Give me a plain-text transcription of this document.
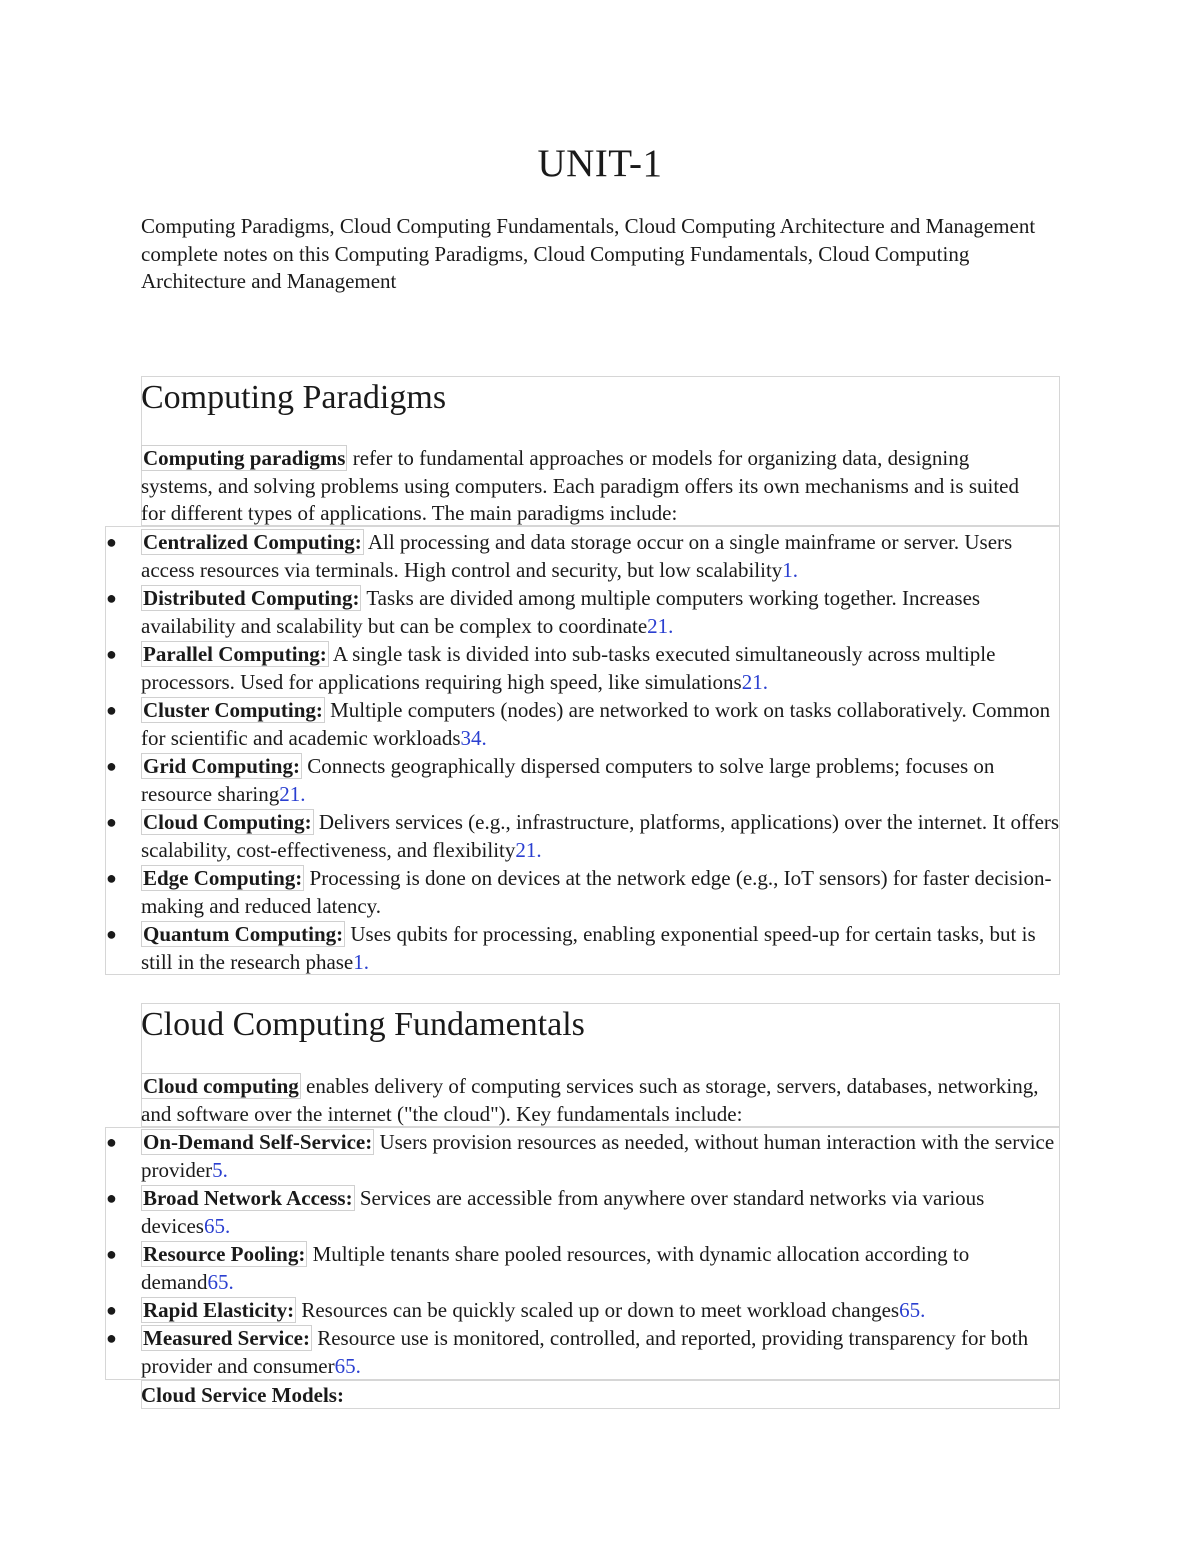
UNIT-1

Computing Paradigms, Cloud Computing Fundamentals, Cloud Computing Architecture and Management

complete notes on this Computing Paradigms, Cloud Computing Fundamentals, Cloud Computing Architecture and Management

Computing Paradigms
Computing paradigms refer to fundamental approaches or models for organizing data, designing systems, and solving problems using computers. Each paradigm offers its own mechanisms and is suited for different types of applications. The main paradigms include:
● Centralized Computing: All processing and data storage occur on a single mainframe or server. Users access resources via terminals. High control and security, but low scalability1.
● Distributed Computing: Tasks are divided among multiple computers working together. Increases availability and scalability but can be complex to coordinate21.
● Parallel Computing: A single task is divided into sub-tasks executed simultaneously across multiple processors. Used for applications requiring high speed, like simulations21.
● Cluster Computing: Multiple computers (nodes) are networked to work on tasks collaboratively. Common for scientific and academic workloads34.
● Grid Computing: Connects geographically dispersed computers to solve large problems; focuses on resource sharing21.
● Cloud Computing: Delivers services (e.g., infrastructure, platforms, applications) over the internet. It offers scalability, cost-effectiveness, and flexibility21.
● Edge Computing: Processing is done on devices at the network edge (e.g., IoT sensors) for faster decision-making and reduced latency.
● Quantum Computing: Uses qubits for processing, enabling exponential speed-up for certain tasks, but is still in the research phase1.
Cloud Computing Fundamentals
Cloud computing enables delivery of computing services such as storage, servers, databases, networking, and software over the internet ("the cloud"). Key fundamentals include:
● On-Demand Self-Service: Users provision resources as needed, without human interaction with the service provider5.
● Broad Network Access: Services are accessible from anywhere over standard networks via various devices65.
● Resource Pooling: Multiple tenants share pooled resources, with dynamic allocation according to demand65.
● Rapid Elasticity: Resources can be quickly scaled up or down to meet workload changes65.
● Measured Service: Resource use is monitored, controlled, and reported, providing transparency for both provider and consumer65.
Cloud Service Models:
